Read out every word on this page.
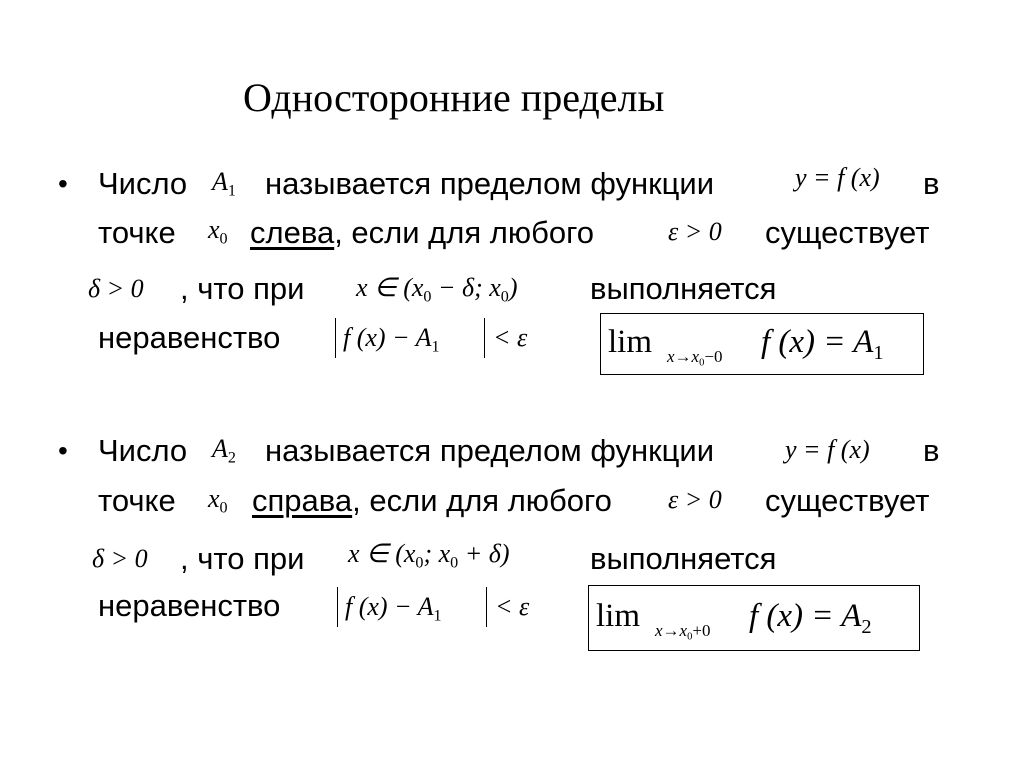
Односторонние пределы
• Число $A_1$ называется пределом функции	y = f (x) в
точке $x_0$ слева, если для любого	ε > 0 существует
δ > 0 , что при x ∈ ($x_0 - \delta$; $x_0$) выполняется
неравенство f $(x) - A_1 < \varepsilon$ $\lim x\to x_0-0$ f $(x) = A_1$
• Число $A_2$ называется пределом функции	y = f (x) в
точке $x_0$ справа, если для любого ε > 0 существует
δ > 0 , что при x ∈ ($x_0$; $x_0 + \delta$)	выполняется
неравенство f $(x) - A_1 < \varepsilon$ $\lim x\to x_0+0$ f $(x) = A_2$
